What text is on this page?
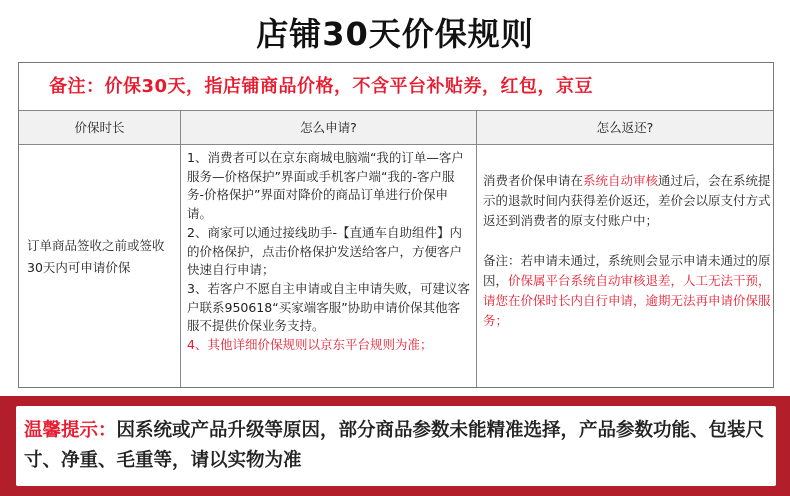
店铺30天价保规则
备注：价保30天，指店铺商品价格，不含平台补贴券，红包，京豆
价保时长	怎么申请?	怎么返还?
订单商品签收之前或签收30天内可申请价保

1、消费者可以在京东商城电脑端“我的订单—客户服务—价格保护”界面或手机客户端“我的-客户服务-价格保护”界面对降价的商品订单进行价保申请。

2、商家可以通过接线助手-【直通车自助组件】内的价格保护，点击价格保护发送给客户，方便客户快速自行申请；

3、若客户不愿自主申请或自主申请失败，可建议客户联系950618“买家端客服”协助申请价保其他客服不提供价保业务支持。

4、其他详细价保规则以京东平台规则为准；

消费者价保申请在系统自动审核通过后，会在系统提示的退款时间内获得差价返还，差价会以原支付方式返还到消费者的原支付账户中；

备注：若申请未通过，系统则会显示申请未通过的原因，价保属平台系统自动审核退差，人工无法干预，请您在价保时长内自行申请，逾期无法再申请价保服务；

温馨提示：因系统或产品升级等原因，部分商品参数未能精准选择，产品参数功能、包装尺寸、净重、毛重等，请以实物为准
